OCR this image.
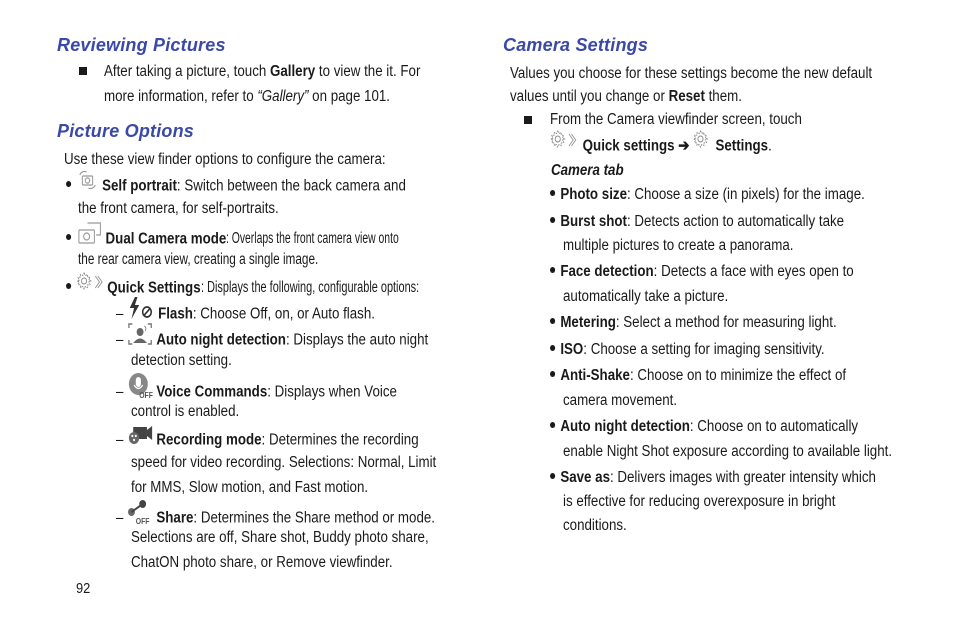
Reviewing Pictures
After taking a picture, touch Gallery to view the it. For
more information, refer to “Gallery” on page 101.
Picture Options
Use these view finder options to configure the camera:
Self portrait: Switch between the back camera and
the front camera, for self-portraits.
Dual Camera mode: Overlaps the front camera view onto
the rear camera view, creating a single image.
Quick Settings: Displays the following, configurable options:
– Flash: Choose Off, on, or Auto flash.
– Auto night detection: Displays the auto night
detection setting.
– OFF Voice Commands: Displays when Voice
control is enabled.
– Recording mode: Determines the recording
speed for video recording. Selections: Normal, Limit
for MMS, Slow motion, and Fast motion.
– OFF Share: Determines the Share method or mode.
Selections are off, Share shot, Buddy photo share,
ChatON photo share, or Remove viewfinder.
92
Camera Settings
Values you choose for these settings become the new default
values until you change or Reset them.
From the Camera viewfinder screen, touch
Quick settings ➔ Settings.
Camera tab
Photo size: Choose a size (in pixels) for the image.
Burst shot: Detects action to automatically take
multiple pictures to create a panorama.
Face detection: Detects a face with eyes open to
automatically take a picture.
Metering: Select a method for measuring light.
ISO: Choose a setting for imaging sensitivity.
Anti-Shake: Choose on to minimize the effect of
camera movement.
Auto night detection: Choose on to automatically
enable Night Shot exposure according to available light.
Save as: Delivers images with greater intensity which
is effective for reducing overexposure in bright
conditions.
